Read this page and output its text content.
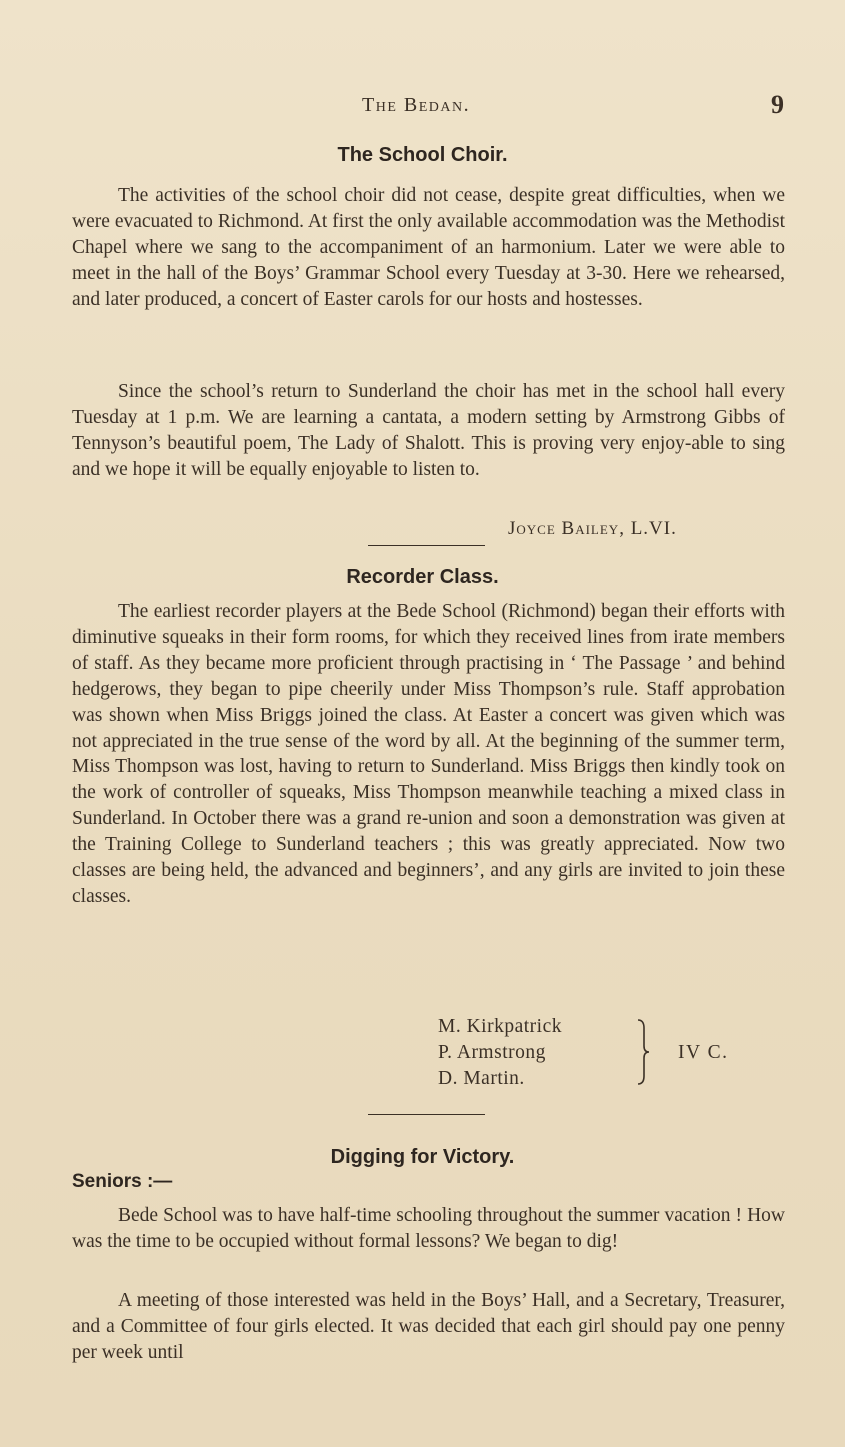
The Bedan.	9
The School Choir.

The activities of the school choir did not cease, despite great difficulties, when we were evacuated to Richmond. At first the only available accommodation was the Methodist Chapel where we sang to the accompaniment of an harmonium. Later we were able to meet in the hall of the Boys’ Grammar School every Tuesday at 3-30. Here we rehearsed, and later produced, a concert of Easter carols for our hosts and hostesses.

Since the school’s return to Sunderland the choir has met in the school hall every Tuesday at 1 p.m. We are learning a cantata, a modern setting by Armstrong Gibbs of Tennyson’s beautiful poem, The Lady of Shalott. This is proving very enjoy-able to sing and we hope it will be equally enjoyable to listen to.

Joyce Bailey, L.VI.
Recorder Class.

The earliest recorder players at the Bede School (Richmond) began their efforts with diminutive squeaks in their form rooms, for which they received lines from irate members of staff. As they became more proficient through practising in ‘ The Passage ’ and behind hedgerows, they began to pipe cheerily under Miss Thompson’s rule. Staff approbation was shown when Miss Briggs joined the class. At Easter a concert was given which was not appreciated in the true sense of the word by all. At the beginning of the summer term, Miss Thompson was lost, having to return to Sunderland. Miss Briggs then kindly took on the work of controller of squeaks, Miss Thompson meanwhile teaching a mixed class in Sunderland. In October there was a grand re-union and soon a demonstration was given at the Training College to Sunderland teachers ; this was greatly appreciated. Now two classes are being held, the advanced and beginners’, and any girls are invited to join these classes.

M. Kirkpatrick
P. Armstrong
D. Martin.
IV C.
Digging for Victory.
Seniors :—

Bede School was to have half-time schooling throughout the summer vacation ! How was the time to be occupied without formal lessons? We began to dig!

A meeting of those interested was held in the Boys’ Hall, and a Secretary, Treasurer, and a Committee of four girls elected. It was decided that each girl should pay one penny per week until
